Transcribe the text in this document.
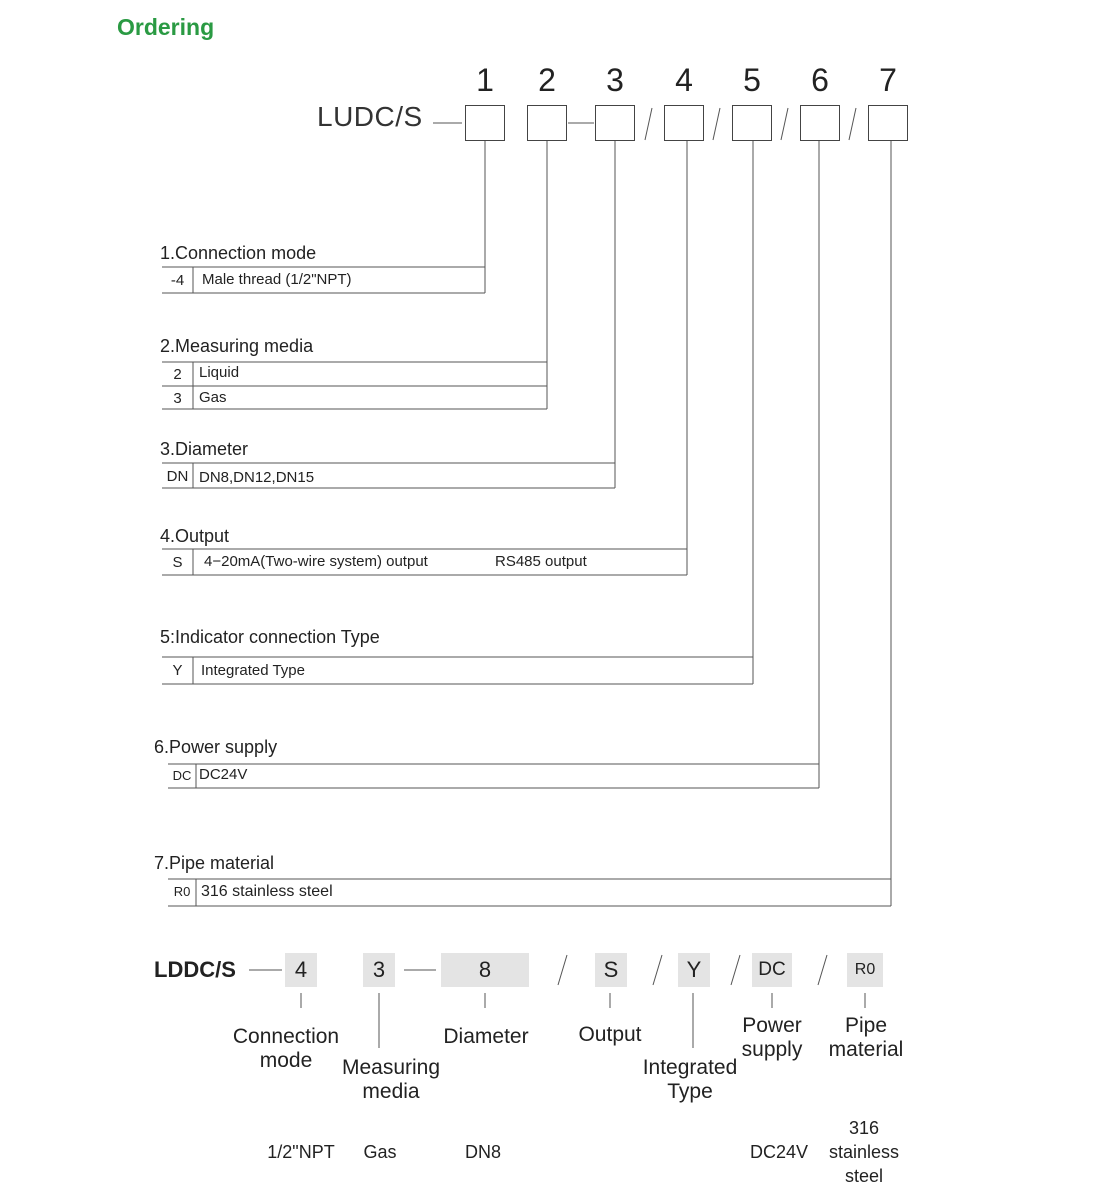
Ordering
LUDC/S
1	2	3	4	5	6	7
1.Connection mode
-4	Male thread (1/2"NPT)
2.Measuring media
2	Liquid
3	Gas
3.Diameter
DN DN8,DN12,DN15
4.Output
S	4−20mA(Two-wire system) output	RS485 output
5:Indicator connection Type
Y	Integrated Type
6.Power supply
DC DC24V
7.Pipe material
R0 316 stainless steel
LDDC/S	4	3	8	S	Y	DC	R0
Connection
mode	Measuring
media
Diameter	Output
Integrated
Type
Power
supply
Pipe
material
1/2"NPT	Gas	DN8	DC24V
316
stainless
steel
